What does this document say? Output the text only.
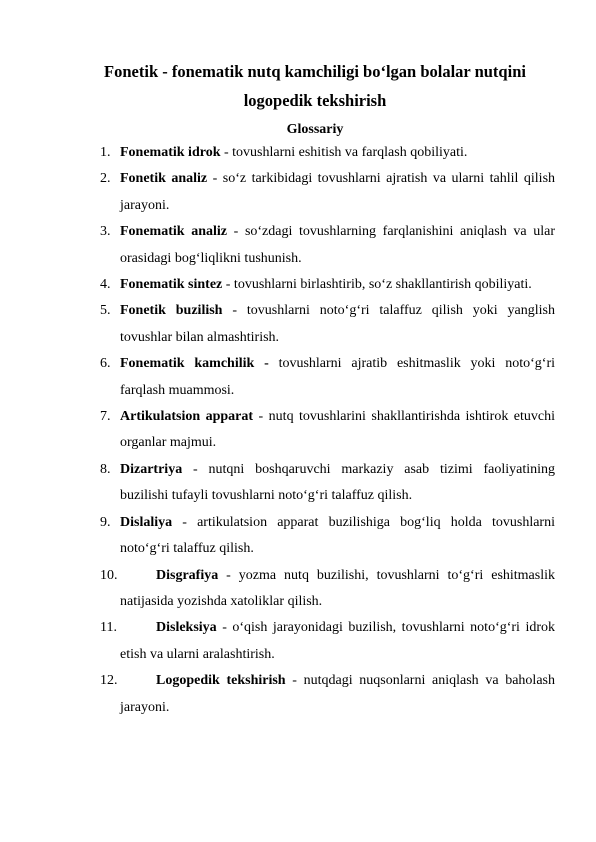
Fonetik - fonematik nutq kamchiligi bo‘lgan bolalar nutqini
logopedik tekshirish
Glossariy
1. Fonematik idrok - tovushlarni eshitish va farqlash qobiliyati.
2. Fonetik analiz - so‘z tarkibidagi tovushlarni ajratish va ularni tahlil qilish jarayoni.
3. Fonematik analiz - so‘zdagi tovushlarning farqlanishini aniqlash va ular orasidagi bog‘liqlikni tushunish.
4. Fonematik sintez - tovushlarni birlashtirib, so‘z shakllantirish qobiliyati.
5. Fonetik buzilish - tovushlarni noto‘g‘ri talaffuz qilish yoki yanglish tovushlar bilan almashtirish.
6. Fonematik kamchilik - tovushlarni ajratib eshitmaslik yoki noto‘g‘ri farqlash muammosi.
7. Artikulatsion apparat - nutq tovushlarini shakllantirishda ishtirok etuvchi organlar majmui.
8. Dizartriya - nutqni boshqaruvchi markaziy asab tizimi faoliyatining buzilishi tufayli tovushlarni noto‘g‘ri talaffuz qilish.
9. Dislaliya - artikulatsion apparat buzilishiga bog‘liq holda tovushlarni noto‘g‘ri talaffuz qilish.
10.	Disgrafiya - yozma nutq buzilishi, tovushlarni to‘g‘ri eshitmaslik natijasida yozishda xatoliklar qilish.
11.	Disleksiya - o‘qish jarayonidagi buzilish, tovushlarni noto‘g‘ri idrok etish va ularni aralashtirish.
12.	Logopedik tekshirish - nutqdagi nuqsonlarni aniqlash va baholash jarayoni.
